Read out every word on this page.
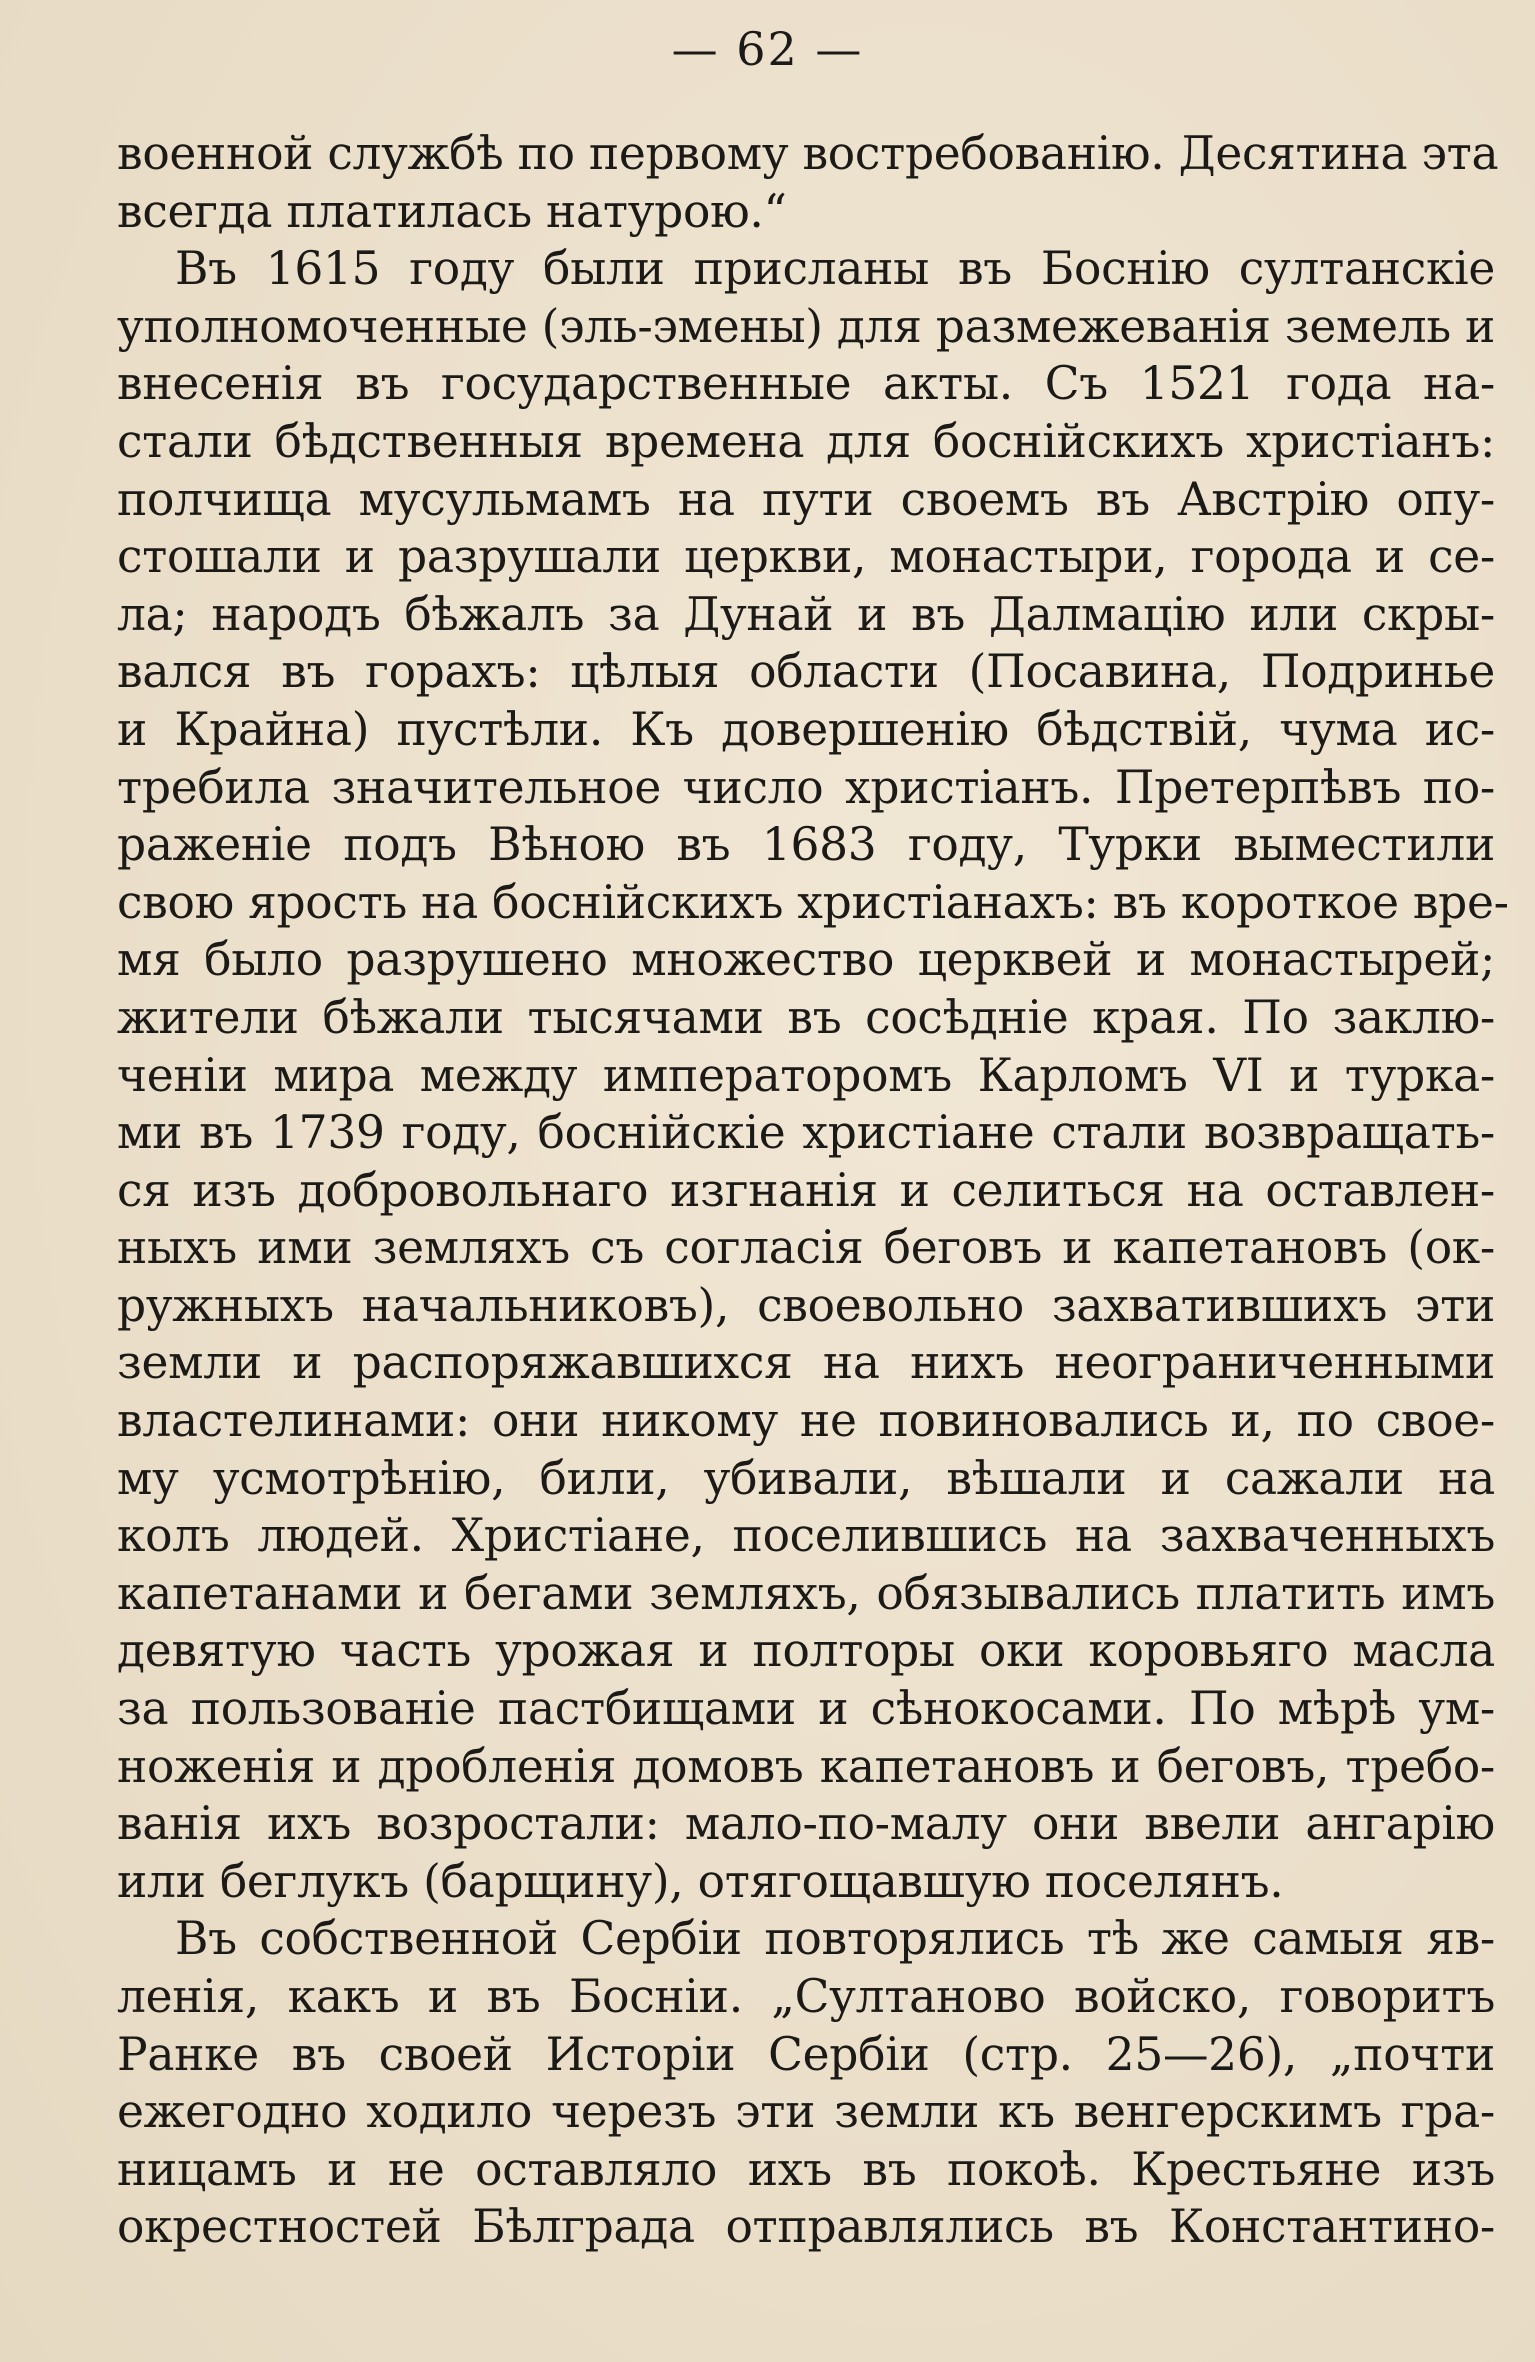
— 62 —
военной службѣ по первому востребованію. Десятина эта
всегда платилась натурою.“
Въ 1615 году были присланы въ Боснію султанскіе
уполномоченные (эль-эмены) для размежеванія земель и
внесенія въ государственные акты. Съ 1521 года на-
стали бѣдственныя времена для боснійскихъ христіанъ:
полчища мусульмамъ на пути своемъ въ Австрію опу-
стошали и разрушали церкви, монастыри, города и се-
ла; народъ бѣжалъ за Дунай и въ Далмацію или скры-
вался въ горахъ: цѣлыя области (Посавина, Подринье
и Крайна) пустѣли. Къ довершенію бѣдствій, чума ис-
требила значительное число христіанъ. Претерпѣвъ по-
раженіе подъ Вѣною въ 1683 году, Турки выместили
свою ярость на боснійскихъ христіанахъ: въ короткое вре-
мя было разрушено множество церквей и монастырей;
жители бѣжали тысячами въ сосѣдніе края. По заклю-
ченіи мира между императоромъ Карломъ VI и турка-
ми въ 1739 году, боснійскіе христіане стали возвращать-
ся изъ добровольнаго изгнанія и селиться на оставлен-
ныхъ ими земляхъ съ согласія беговъ и капетановъ (ок-
ружныхъ начальниковъ), своевольно захватившихъ эти
земли и распоряжавшихся на нихъ неограниченными
властелинами: они никому не повиновались и, по свое-
му усмотрѣнію, били, убивали, вѣшали и сажали на
колъ людей. Христіане, поселившись на захваченныхъ
капетанами и бегами земляхъ, обязывались платить имъ
девятую часть урожая и полторы оки коровьяго масла
за пользованіе пастбищами и сѣнокосами. По мѣрѣ ум-
ноженія и дробленія домовъ капетановъ и беговъ, требо-
ванія ихъ возростали: мало-по-малу они ввели ангарію
или беглукъ (барщину), отягощавшую поселянъ.
Въ собственной Сербіи повторялись тѣ же самыя яв-
ленія, какъ и въ Босніи. „Султаново войско, говоритъ
Ранке въ своей Исторіи Сербіи (стр. 25—26), „почти
ежегодно ходило черезъ эти земли къ венгерскимъ гра-
ницамъ и не оставляло ихъ въ покоѣ. Крестьяне изъ
окрестностей Бѣлграда отправлялись въ Константино-
